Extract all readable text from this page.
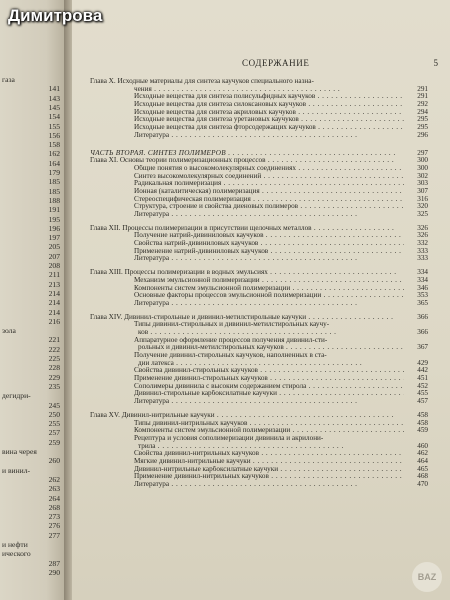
газа
141
143
145
154
155
156
158
162
164
179
185
185
188
191
195
196
197
205
207
208
211
213
214
214
214
216
зола
221
222
225
228
229
235
дегидри-
245
250
255
257
259
вина черея
260
и винил-
262
263
264
268
273
276
277
и нефти
ического
287
290
СОДЕРЖАНИЕ	5
Глава X. Исходные материалы для синтеза каучуков специального назна-
чения . . .	291
Исходные вещества для синтеза полисульфидных каучуков . . .	291
Исходные вещества для синтеза силоксановых каучуков . . .	292
Исходные вещества для синтеза акриловых каучуков . . .	294
Исходные вещества для синтеза уретановых каучуков . . .	295
Исходные вещества для синтеза фторсодержащих каучуков . . .	295
Литература . . .	296
ЧАСТЬ ВТОРАЯ. СИНТЕЗ ПОЛИМЕРОВ . . .	297
Глава XI. Основы теории полимеризационных процессов . . .	300
Общие понятия о высокомолекулярных соединениях . . .	300
Синтез высокомолекулярных соединений . . .	302
Радикальная полимеризация . . .	303
Ионная (каталитическая) полимеризация . . .	307
Стереоспецифическая полимеризация . . .	316
Структура, строение и свойства диеновых полимеров . . .	320
Литература . . .	325
Глава XII. Процессы полимеризации в присутствии щелочных металлов . . .	326
Получение натрий-дивиниловых каучуков . . .	326
Свойства натрий-дивиниловых каучуков . . .	332
Применение натрий-дивиниловых каучуков . . .	333
Литература . . .	333
Глава XIII. Процессы полимеризации в водных эмульсиях . . .	334
Механизм эмульсионной полимеризации . . .	334
Компоненты систем эмульсионной полимеризации . . .	346
Основные факторы процессов эмульсионной полимеризации . . .	353
Литература . . .	365
Глава XIV. Дивинил-стирольные и дивинил-метилстирольные каучуки . . .	366
Типы дивинил-стирольных и дивинил-метилстирольных каучу-
ков . . .	366
Аппаратурное оформление процессов получения дивинил-сти-
рольных и дивинил-метилстирольных каучуков . . .	367
Получение дивинил-стирольных каучуков, наполненных в ста-
дии латекса . . .	429
Свойства дивинил-стирольных каучуков . . .	442
Применение дивинил-стирольных каучуков . . .	451
Сополимеры дивинила с высоким содержанием стирола . . .	452
Дивинил-стирольные карбоксилатные каучуки . . .	455
Литература . . .	457
Глава XV. Дивинил-нитрильные каучуки . . .	458
Типы дивинил-нитрильных каучуков . . .	458
Компоненты систем эмульсионной полимеризации . . .	459
Рецептура и условия сополимеризации дивинила и акрилони-
трила . . .	460
Свойства дивинил-нитрильных каучуков . . .	462
Мягкие дивинил-нитрильные каучуки . . .	464
Дивинил-нитрильные карбоксилатные каучуки . . .	465
Применение дивинил-нитрильных каучуков . . .	468
Литература . . .	470
BAZ
Димитрова
